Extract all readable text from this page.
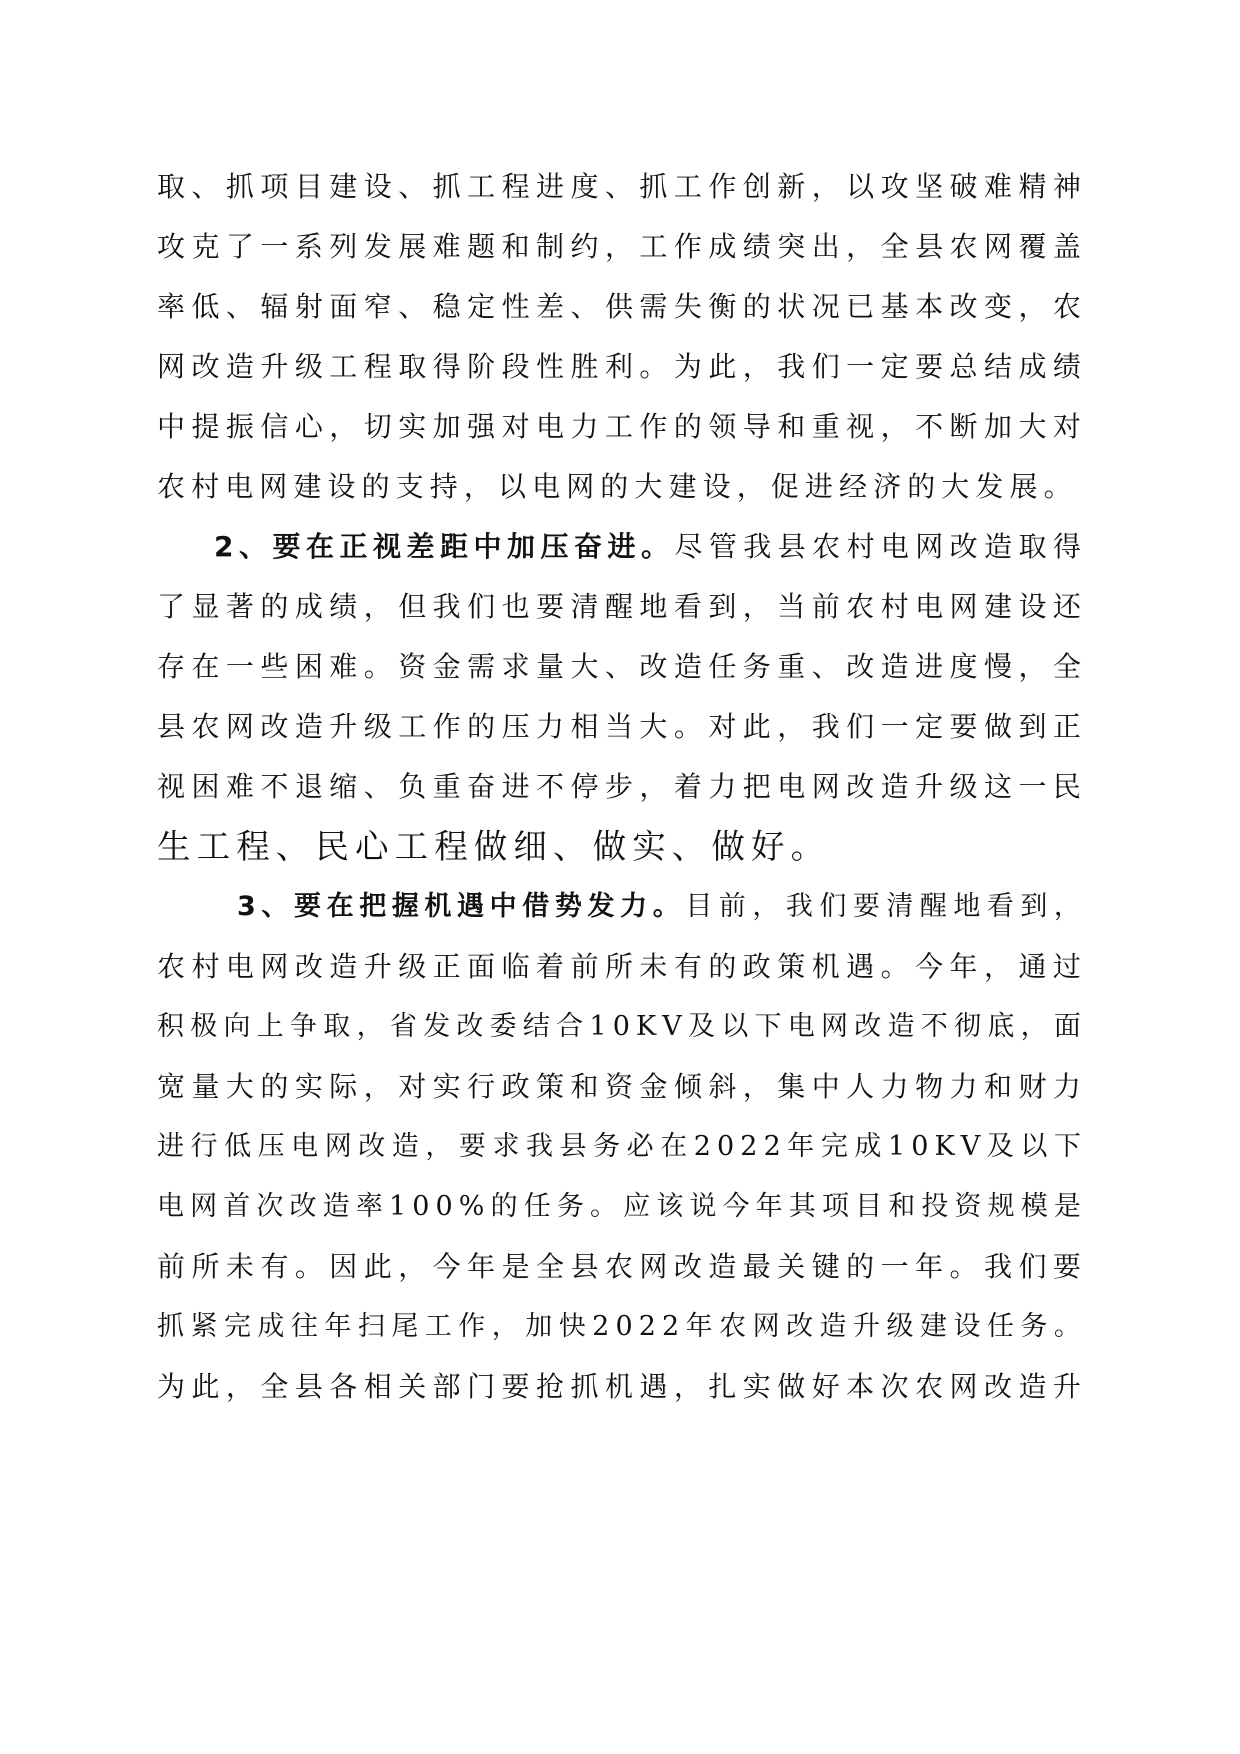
取、抓项目建设、抓工程进度、抓工作创新，以攻坚破难精神
攻克了一系列发展难题和制约，工作成绩突出，全县农网覆盖
率低、辐射面窄、稳定性差、供需失衡的状况已基本改变，农
网改造升级工程取得阶段性胜利。为此，我们一定要总结成绩
中提振信心，切实加强对电力工作的领导和重视，不断加大对
农村电网建设的支持，以电网的大建设，促进经济的大发展。
2、要在正视差距中加压奋进。尽管我县农村电网改造取得
了显著的成绩，但我们也要清醒地看到，当前农村电网建设还
存在一些困难。资金需求量大、改造任务重、改造进度慢，全
县农网改造升级工作的压力相当大。对此，我们一定要做到正
视困难不退缩、负重奋进不停步，着力把电网改造升级这一民
生工程、民心工程做细、做实、做好。
3、要在把握机遇中借势发力。目前，我们要清醒地看到，
农村电网改造升级正面临着前所未有的政策机遇。今年，通过
积极向上争取，省发改委结合10KV及以下电网改造不彻底，面
宽量大的实际，对实行政策和资金倾斜，集中人力物力和财力
进行低压电网改造，要求我县务必在2022年完成10KV及以下
电网首次改造率100%的任务。应该说今年其项目和投资规模是
前所未有。因此，今年是全县农网改造最关键的一年。我们要
抓紧完成往年扫尾工作，加快2022年农网改造升级建设任务。
为此，全县各相关部门要抢抓机遇，扎实做好本次农网改造升
